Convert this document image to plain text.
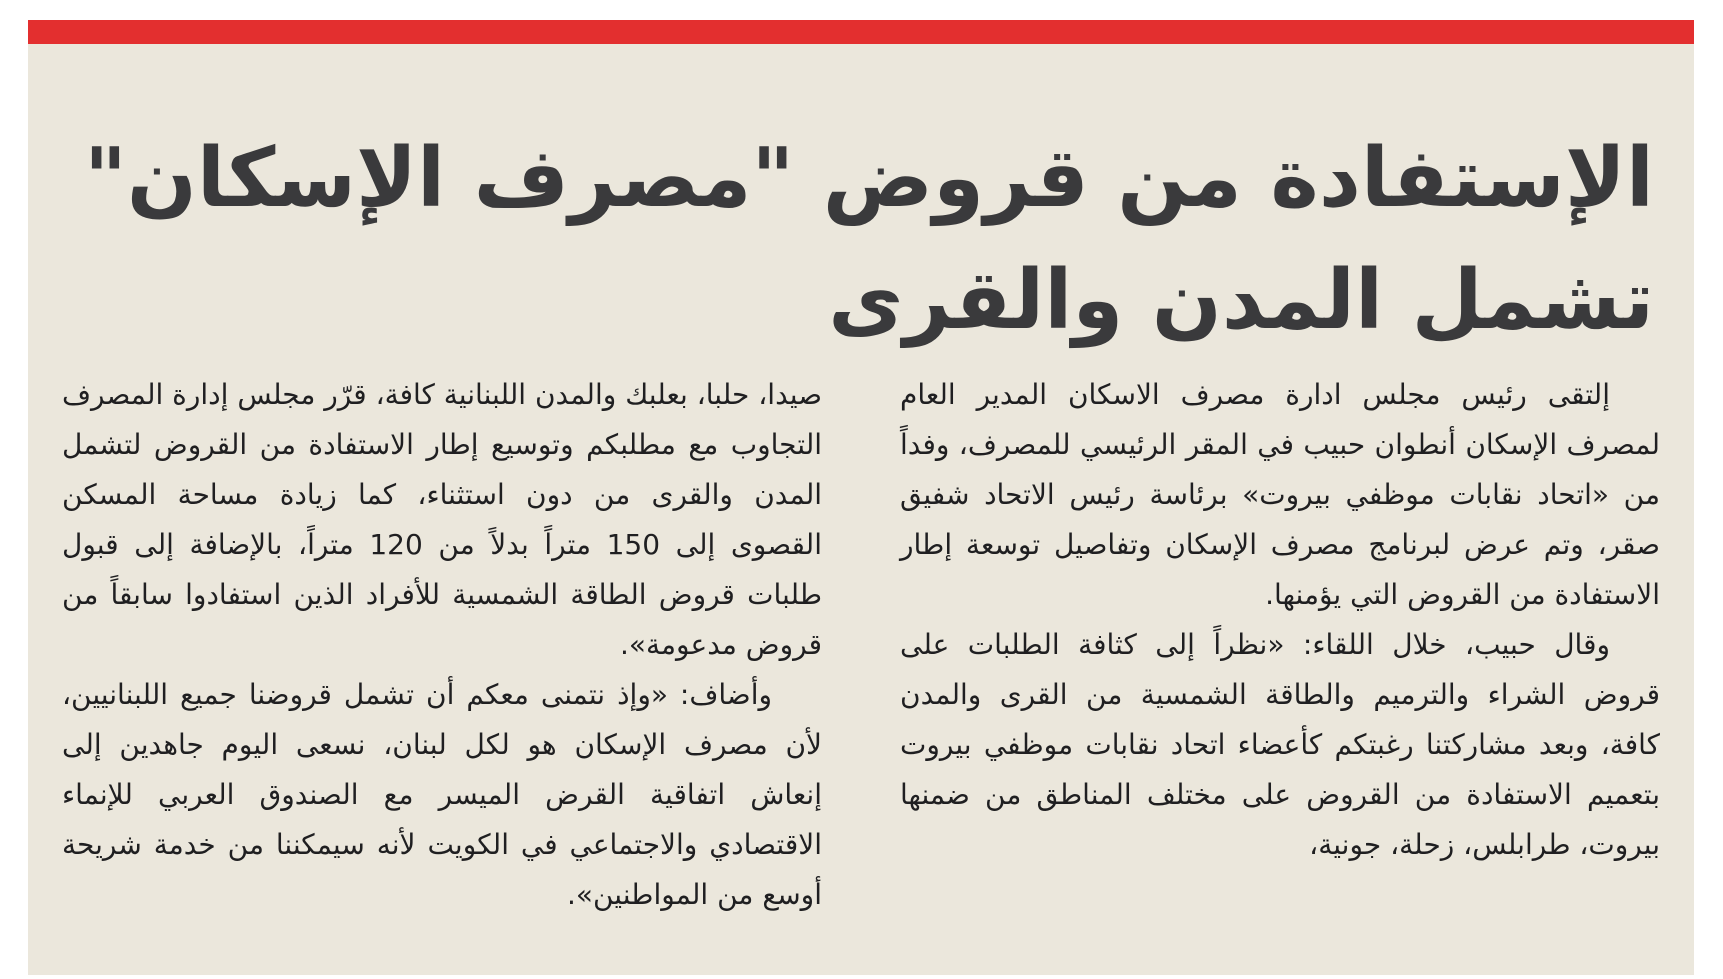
الإستفادة من قروض "مصرف الإسكان"
تشمل المدن والقرى

إلتقى رئيس مجلس ادارة مصرف الاسكان المدير العام لمصرف الإسكان أنطوان حبيب في المقر الرئيسي للمصرف، وفداً من «اتحاد نقابات موظفي بيروت» برئاسة رئيس الاتحاد شفيق صقر، وتم عرض لبرنامج مصرف الإسكان وتفاصيل توسعة إطار الاستفادة من القروض التي يؤمنها.

وقال حبيب، خلال اللقاء: «نظراً إلى كثافة الطلبات على قروض الشراء والترميم والطاقة الشمسية من القرى والمدن كافة، وبعد مشاركتنا رغبتكم كأعضاء اتحاد نقابات موظفي بيروت بتعميم الاستفادة من القروض على مختلف المناطق من ضمنها بيروت، طرابلس، زحلة، جونية،

صيدا، حلبا، بعلبك والمدن اللبنانية كافة، قرّر مجلس إدارة المصرف التجاوب مع مطلبكم وتوسيع إطار الاستفادة من القروض لتشمل المدن والقرى من دون استثناء، كما زيادة مساحة المسكن القصوى إلى 150 متراً بدلاً من 120 متراً، بالإضافة إلى قبول طلبات قروض الطاقة الشمسية للأفراد الذين استفادوا سابقاً من قروض مدعومة».

وأضاف: «وإذ نتمنى معكم أن تشمل قروضنا جميع اللبنانيين، لأن مصرف الإسكان هو لكل لبنان، نسعى اليوم جاهدين إلى إنعاش اتفاقية القرض الميسر مع الصندوق العربي للإنماء الاقتصادي والاجتماعي في الكويت لأنه سيمكننا من خدمة شريحة أوسع من المواطنين».
